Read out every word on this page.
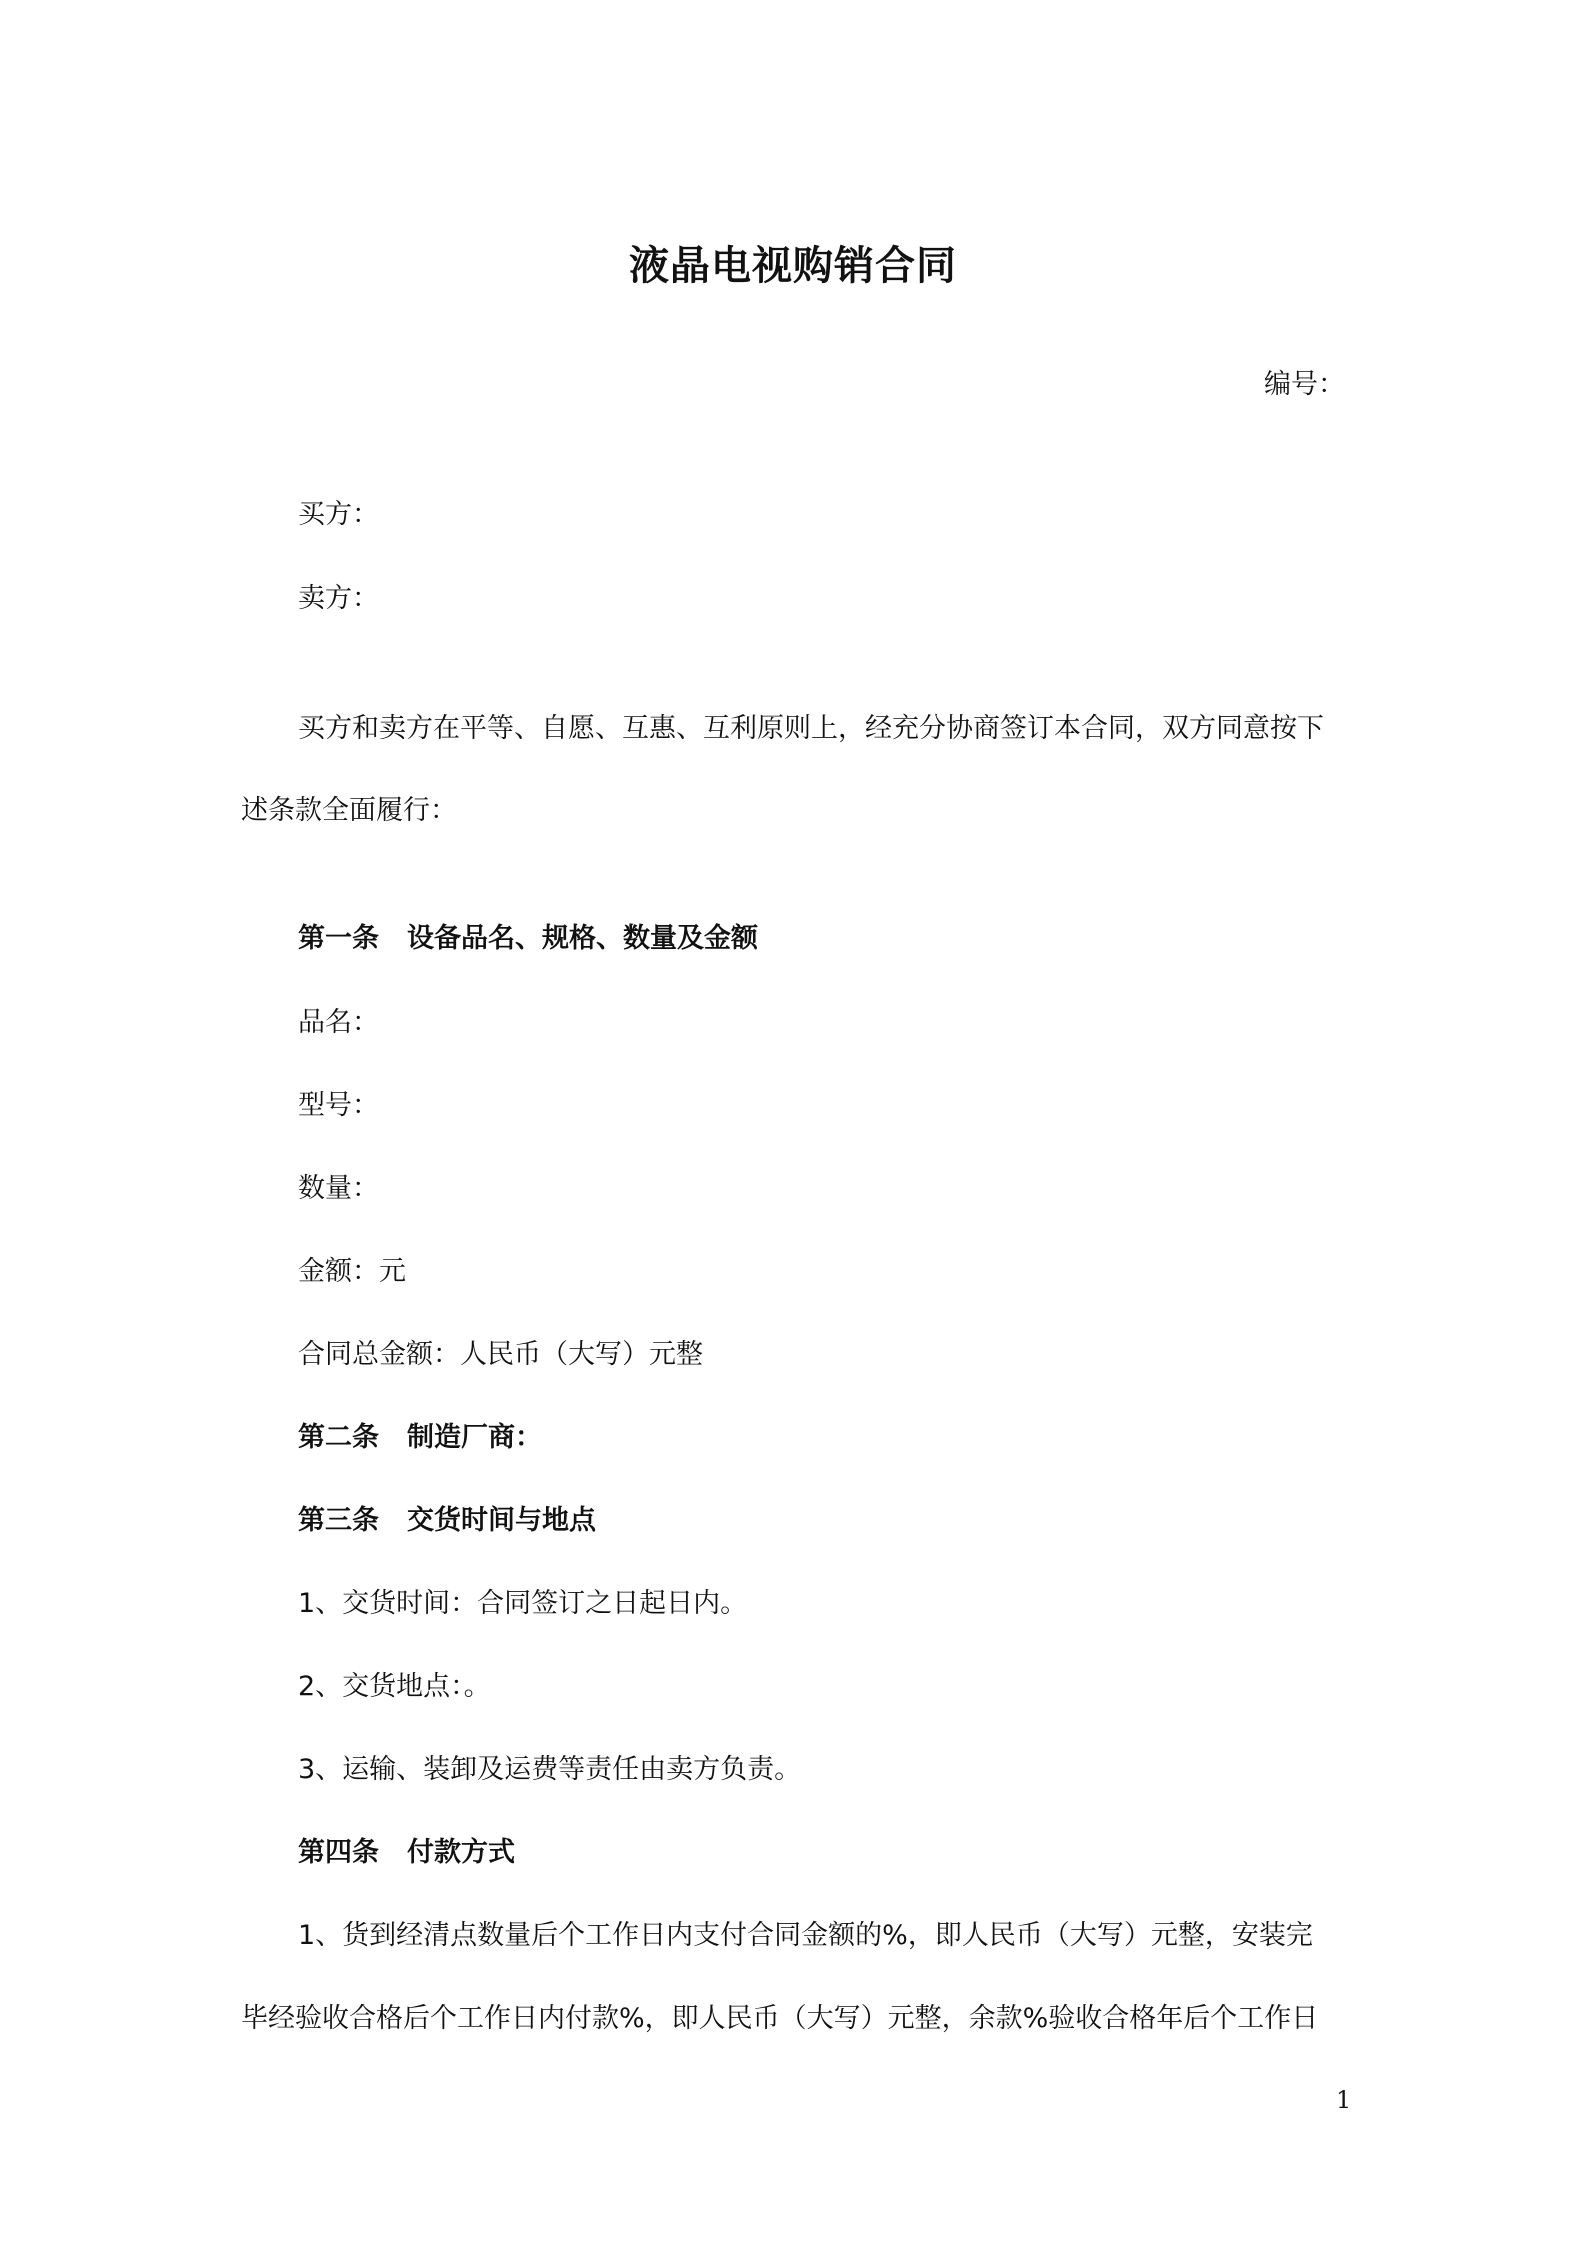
液晶电视购销合同
编号：
买方：
卖方：
买方和卖方在平等、自愿、互惠、互利原则上，经充分协商签订本合同，双方同意按下
述条款全面履行：
第一条 设备品名、规格、数量及金额
品名：
型号：
数量：
金额：元
合同总金额：人民币（大写）元整
第二条 制造厂商：
第三条 交货时间与地点
1、交货时间：合同签订之日起日内。
2、交货地点：。
3、运输、装卸及运费等责任由卖方负责。
第四条 付款方式
1、货到经清点数量后个工作日内支付合同金额的%，即人民币（大写）元整，安装完
毕经验收合格后个工作日内付款%，即人民币（大写）元整，余款%验收合格年后个工作日
1
